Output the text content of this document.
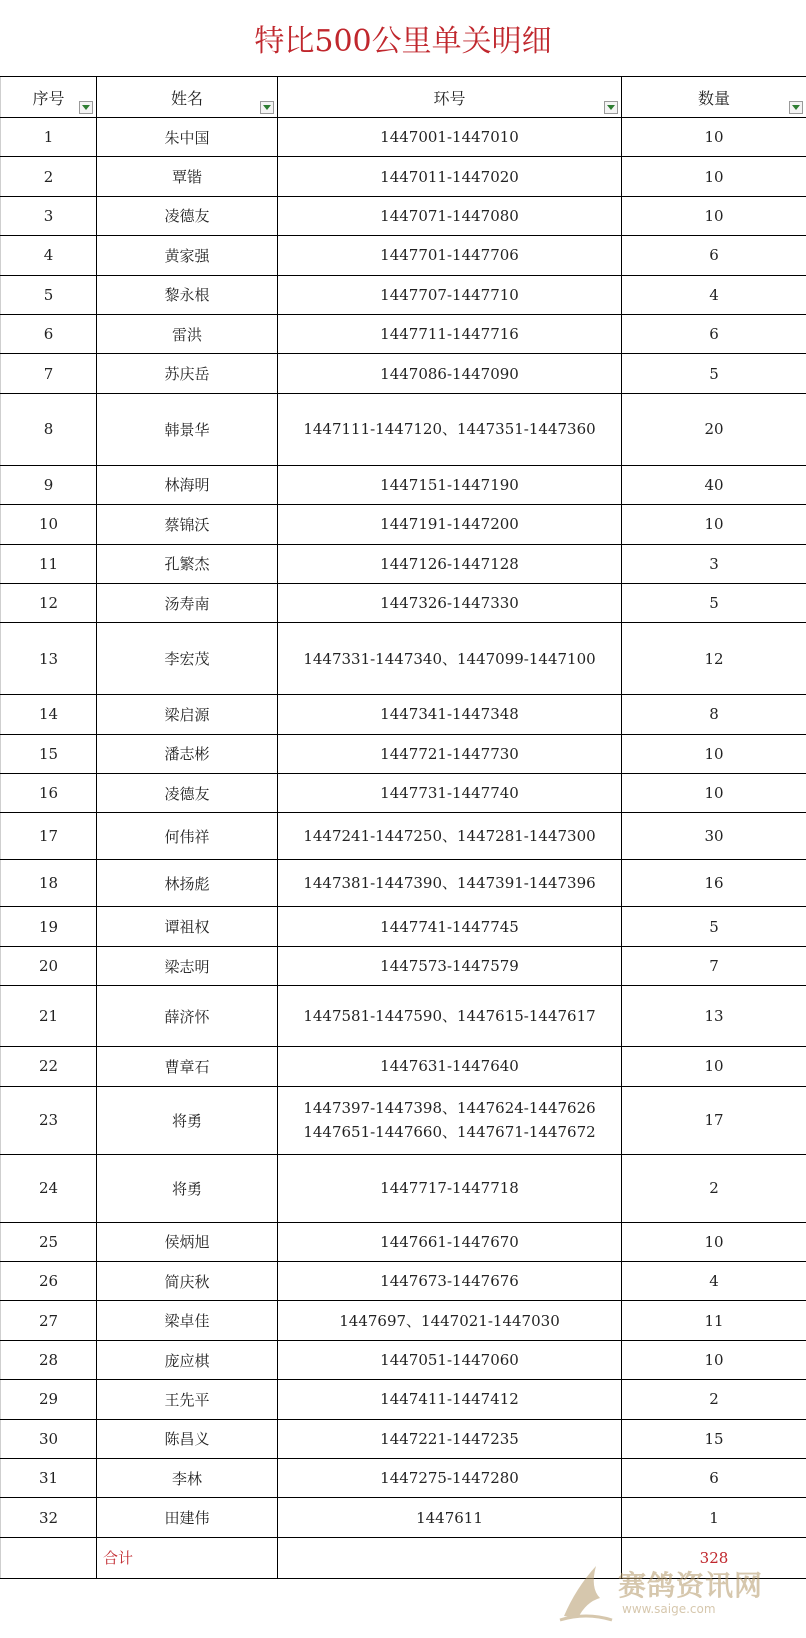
特比500公里单关明细
序号	姓名	环号	数量

1	朱中国	1447001-1447010	10
2	覃锴	1447011-1447020	10
3	凌德友	1447071-1447080	10
4	黄家强	1447701-1447706	6
5	黎永根	1447707-1447710	4
6	雷洪	1447711-1447716	6
7	苏庆岳	1447086-1447090	5
8	韩景华	1447111-1447120、1447351-1447360	20
9	林海明	1447151-1447190	40
10	蔡锦沃	1447191-1447200	10
11	孔繁杰	1447126-1447128	3
12	汤寿南	1447326-1447330	5
13	李宏茂	1447331-1447340、1447099-1447100	12
14	梁启源	1447341-1447348	8
15	潘志彬	1447721-1447730	10
16	凌德友	1447731-1447740	10
17	何伟祥	1447241-1447250、1447281-1447300	30
18	林扬彪	1447381-1447390、1447391-1447396	16
19	谭祖权	1447741-1447745	5
20	梁志明	1447573-1447579	7
21	薛济怀	1447581-1447590、1447615-1447617	13
22	曹章石	1447631-1447640	10
23	将勇	1447397-1447398、1447624-1447626
1447651-1447660、1447671-1447672	17
24	将勇	1447717-1447718	2
25	侯炳旭	1447661-1447670	10
26	简庆秋	1447673-1447676	4
27	梁卓佳	1447697、1447021-1447030	11
28	庞应棋	1447051-1447060	10
29	王先平	1447411-1447412	2
30	陈昌义	1447221-1447235	15
31	李林	1447275-1447280	6
32	田建伟	1447611	1
	合计		328
赛鸽资讯网
www.saige.com
